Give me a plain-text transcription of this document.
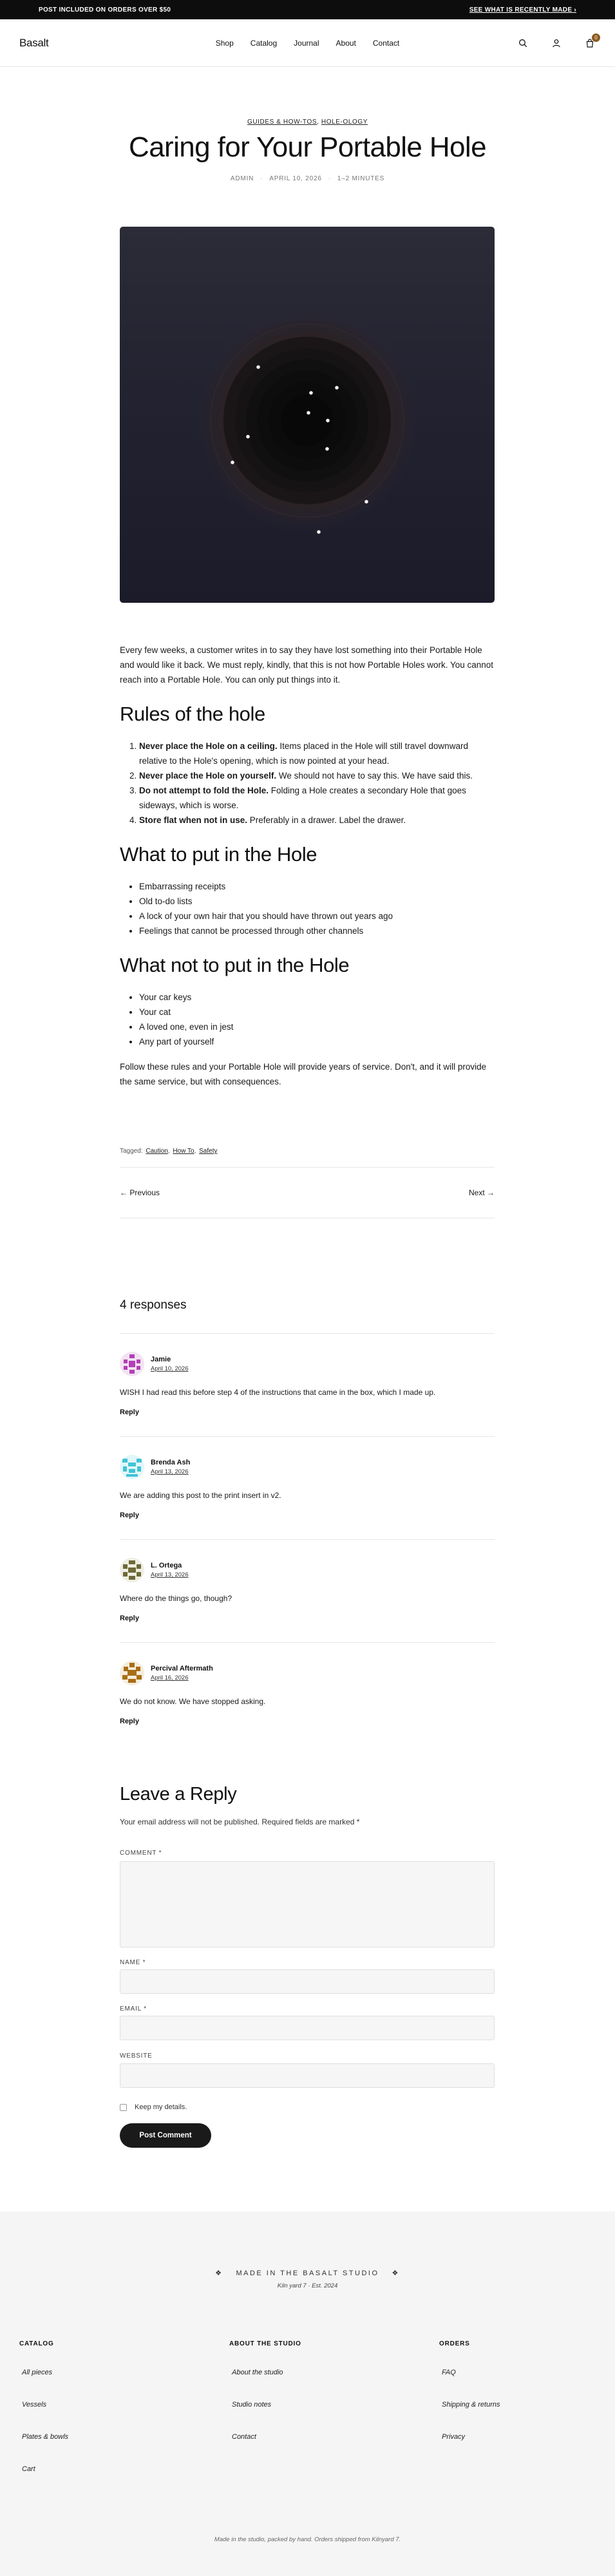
POST INCLUDED ON ORDERS OVER $50	SEE WHAT IS RECENTLY MADE ›
Basalt	Shop Catalog Journal About Contact
0
GUIDES & HOW-TOS, HOLE-OLOGY
Caring for Your Portable Hole
ADMIN · APRIL 10, 2026 · 1–2 MINUTES

Every few weeks, a customer writes in to say they have lost something into their Portable Hole and would like it back. We must reply, kindly, that this is not how Portable Holes work. You cannot reach into a Portable Hole. You can only put things into it.

Rules of the hole
1. Never place the Hole on a ceiling. Items placed in the Hole will still travel downward relative to the Hole's opening, which is now pointed at your head.
2. Never place the Hole on yourself. We should not have to say this. We have said this.
3. Do not attempt to fold the Hole. Folding a Hole creates a secondary Hole that goes sideways, which is worse.
4. Store flat when not in use. Preferably in a drawer. Label the drawer.
What to put in the Hole
• Embarrassing receipts
• Old to-do lists
• A lock of your own hair that you should have thrown out years ago
• Feelings that cannot be processed through other channels
What not to put in the Hole
• Your car keys
• Your cat
• A loved one, even in jest
• Any part of yourself

Follow these rules and your Portable Hole will provide years of service. Don't, and it will provide the same service, but with consequences.

Tagged: Caution, How To, Safety
← Previous	Next →
4 responses
Jamie
April 10, 2026
WISH I had read this before step 4 of the instructions that came in the box, which I made up.
Reply
Brenda Ash
April 13, 2026
We are adding this post to the print insert in v2.
Reply
L. Ortega
April 13, 2026
Where do the things go, though?
Reply
Percival Aftermath
April 16, 2026
We do not know. We have stopped asking.
Reply
Leave a Reply

Your email address will not be published. Required fields are marked *

COMMENT *
NAME *
EMAIL *
WEBSITE
Keep my details.
Post Comment
❖ MADE IN THE BASALT STUDIO ❖
Kiln yard 7 · Est. 2024
CATALOG
All pieces
Vessels
Plates & bowls
Cart
ABOUT THE STUDIO
About the studio
Studio notes
Contact
ORDERS
FAQ
Shipping & returns
Privacy
Made in the studio, packed by hand. Orders shipped from Kilnyard 7.
